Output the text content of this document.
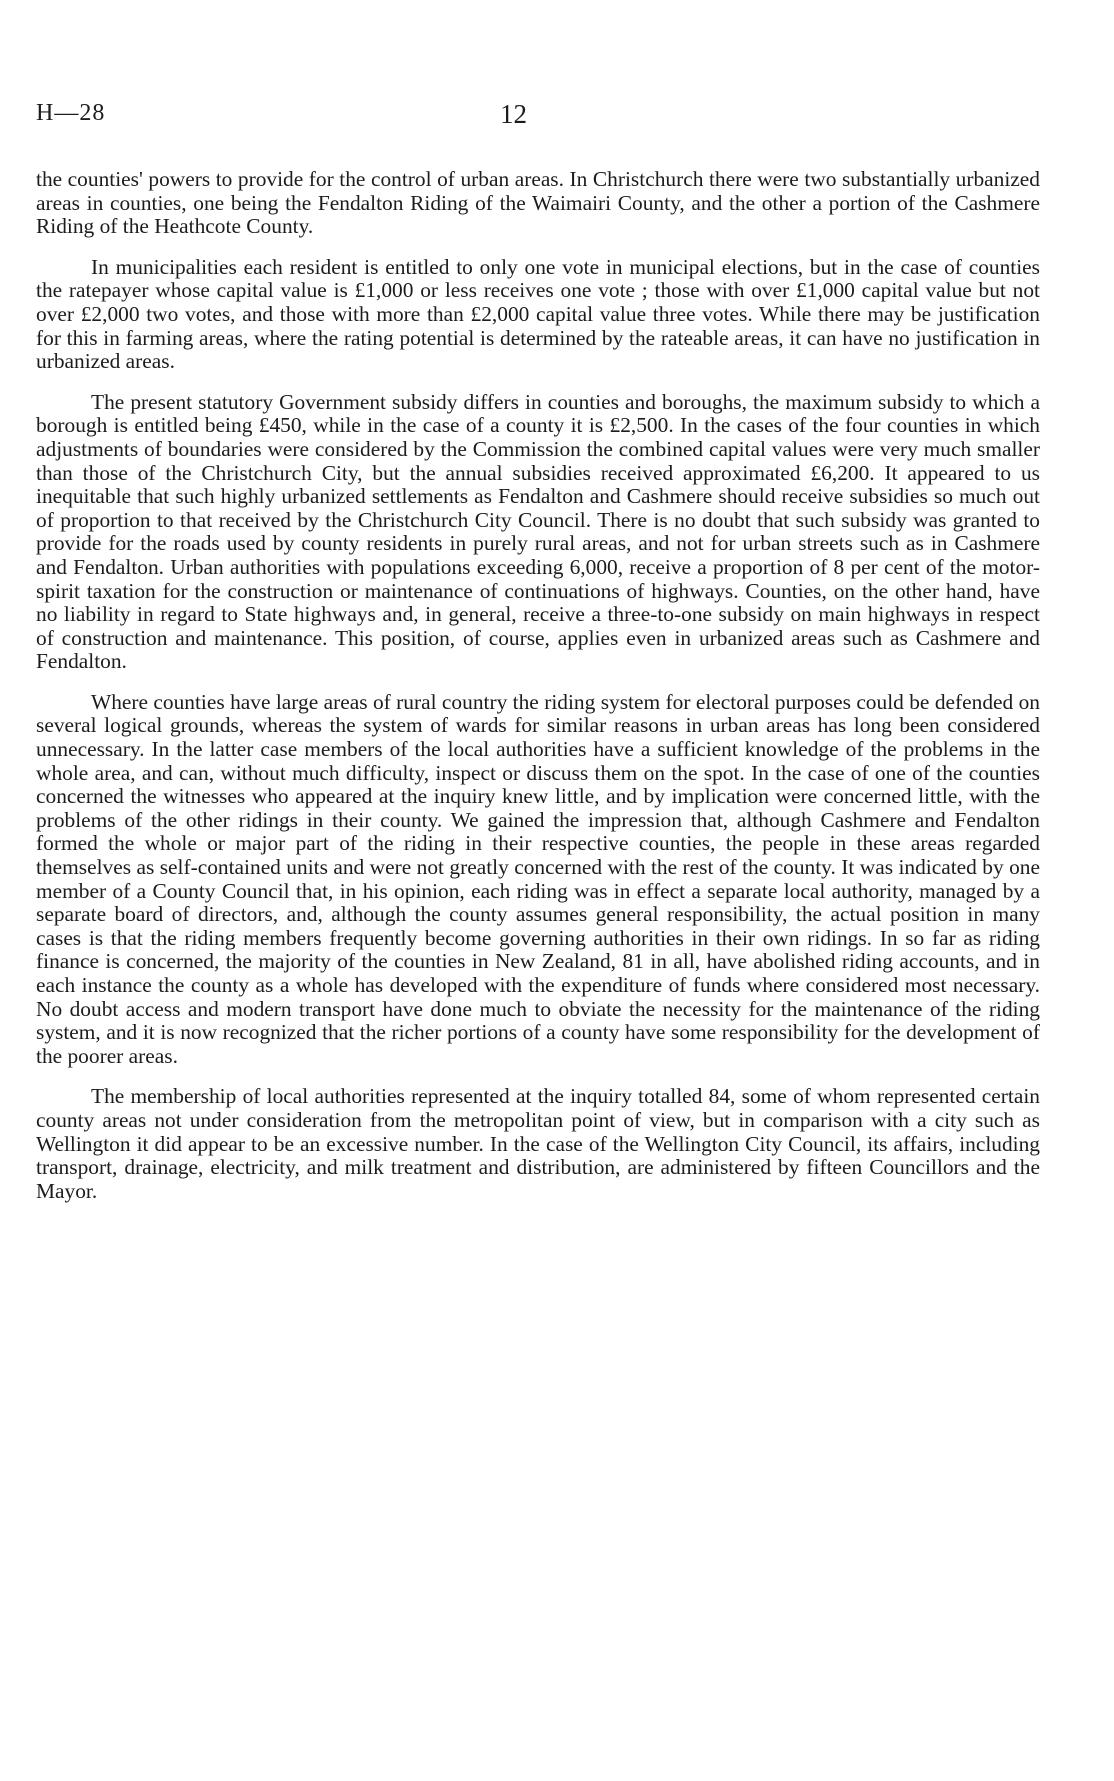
H—28	12

the counties' powers to provide for the control of urban areas. In Christchurch there were two substantially urbanized areas in counties, one being the Fendalton Riding of the Waimairi County, and the other a portion of the Cashmere Riding of the Heathcote County.

In municipalities each resident is entitled to only one vote in municipal elections, but in the case of counties the ratepayer whose capital value is £1,000 or less receives one vote ; those with over £1,000 capital value but not over £2,000 two votes, and those with more than £2,000 capital value three votes. While there may be justification for this in farming areas, where the rating potential is determined by the rateable areas, it can have no justification in urbanized areas.

The present statutory Government subsidy differs in counties and boroughs, the maximum subsidy to which a borough is entitled being £450, while in the case of a county it is £2,500. In the cases of the four counties in which adjustments of boundaries were considered by the Commission the combined capital values were very much smaller than those of the Christchurch City, but the annual subsidies received approximated £6,200. It appeared to us inequitable that such highly urbanized settlements as Fendalton and Cashmere should receive subsidies so much out of proportion to that received by the Christchurch City Council. There is no doubt that such subsidy was granted to provide for the roads used by county residents in purely rural areas, and not for urban streets such as in Cashmere and Fendalton. Urban authorities with populations exceeding 6,000, receive a proportion of 8 per cent of the motor-spirit taxation for the construction or maintenance of continuations of highways. Counties, on the other hand, have no liability in regard to State highways and, in general, receive a three-to-one subsidy on main highways in respect of construction and maintenance. This position, of course, applies even in urbanized areas such as Cashmere and Fendalton.

Where counties have large areas of rural country the riding system for electoral purposes could be defended on several logical grounds, whereas the system of wards for similar reasons in urban areas has long been considered unnecessary. In the latter case members of the local authorities have a sufficient knowledge of the problems in the whole area, and can, without much difficulty, inspect or discuss them on the spot. In the case of one of the counties concerned the witnesses who appeared at the inquiry knew little, and by implication were concerned little, with the problems of the other ridings in their county. We gained the impression that, although Cashmere and Fendalton formed the whole or major part of the riding in their respective counties, the people in these areas regarded themselves as self-contained units and were not greatly concerned with the rest of the county. It was indicated by one member of a County Council that, in his opinion, each riding was in effect a separate local authority, managed by a separate board of directors, and, although the county assumes general responsibility, the actual position in many cases is that the riding members frequently become governing authorities in their own ridings. In so far as riding finance is concerned, the majority of the counties in New Zealand, 81 in all, have abolished riding accounts, and in each instance the county as a whole has developed with the expenditure of funds where considered most necessary. No doubt access and modern transport have done much to obviate the necessity for the maintenance of the riding system, and it is now recognized that the richer portions of a county have some responsibility for the development of the poorer areas.

The membership of local authorities represented at the inquiry totalled 84, some of whom represented certain county areas not under consideration from the metropolitan point of view, but in comparison with a city such as Wellington it did appear to be an excessive number. In the case of the Wellington City Council, its affairs, including transport, drainage, electricity, and milk treatment and distribution, are administered by fifteen Councillors and the Mayor.
